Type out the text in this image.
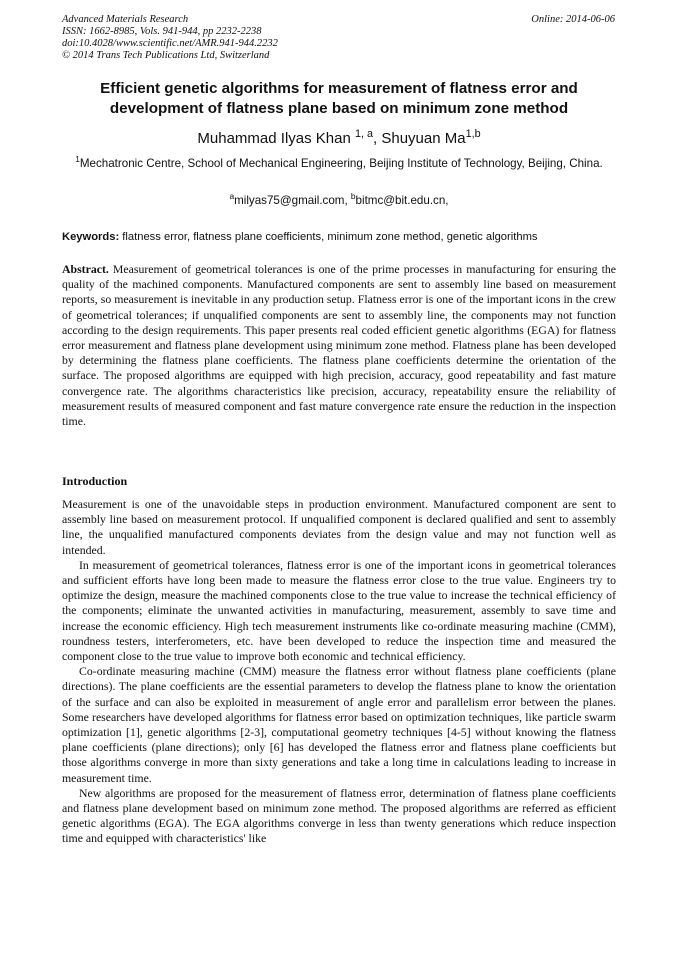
Advanced Materials Research
ISSN: 1662-8985, Vols. 941-944, pp 2232-2238
doi:10.4028/www.scientific.net/AMR.941-944.2232
© 2014 Trans Tech Publications Ltd, Switzerland
Online: 2014-06-06
Efficient genetic algorithms for measurement of flatness error and development of flatness plane based on minimum zone method
Muhammad Ilyas Khan $^{1, a}$, Shuyuan Ma$^{1,b}$
$^1$Mechatronic Centre, School of Mechanical Engineering, Beijing Institute of Technology, Beijing, China.
$^a$milyas75@gmail.com, $^b$bitmc@bit.edu.cn,
Keywords: flatness error, flatness plane coefficients, minimum zone method, genetic algorithms
Abstract. Measurement of geometrical tolerances is one of the prime processes in manufacturing for ensuring the quality of the machined components. Manufactured components are sent to assembly line based on measurement reports, so measurement is inevitable in any production setup. Flatness error is one of the important icons in the crew of geometrical tolerances; if unqualified components are sent to assembly line, the components may not function according to the design requirements. This paper presents real coded efficient genetic algorithms (EGA) for flatness error measurement and flatness plane development using minimum zone method. Flatness plane has been developed by determining the flatness plane coefficients. The flatness plane coefficients determine the orientation of the surface. The proposed algorithms are equipped with high precision, accuracy, good repeatability and fast mature convergence rate. The algorithms characteristics like precision, accuracy, repeatability ensure the reliability of measurement results of measured component and fast mature convergence rate ensure the reduction in the inspection time.
Introduction

Measurement is one of the unavoidable steps in production environment. Manufactured component are sent to assembly line based on measurement protocol. If unqualified component is declared qualified and sent to assembly line, the unqualified manufactured components deviates from the design value and may not function well as intended.

In measurement of geometrical tolerances, flatness error is one of the important icons in geometrical tolerances and sufficient efforts have long been made to measure the flatness error close to the true value. Engineers try to optimize the design, measure the machined components close to the true value to increase the technical efficiency of the components; eliminate the unwanted activities in manufacturing, measurement, assembly to save time and increase the economic efficiency. High tech measurement instruments like co-ordinate measuring machine (CMM), roundness testers, interferometers, etc. have been developed to reduce the inspection time and measured the component close to the true value to improve both economic and technical efficiency.

Co-ordinate measuring machine (CMM) measure the flatness error without flatness plane coefficients (plane directions). The plane coefficients are the essential parameters to develop the flatness plane to know the orientation of the surface and can also be exploited in measurement of angle error and parallelism error between the planes. Some researchers have developed algorithms for flatness error based on optimization techniques, like particle swarm optimization [1], genetic algorithms [2-3], computational geometry techniques [4-5] without knowing the flatness plane coefficients (plane directions); only [6] has developed the flatness error and flatness plane coefficients but those algorithms converge in more than sixty generations and take a long time in calculations leading to increase in measurement time.

New algorithms are proposed for the measurement of flatness error, determination of flatness plane coefficients and flatness plane development based on minimum zone method. The proposed algorithms are referred as efficient genetic algorithms (EGA). The EGA algorithms converge in less than twenty generations which reduce inspection time and equipped with characteristics' like
